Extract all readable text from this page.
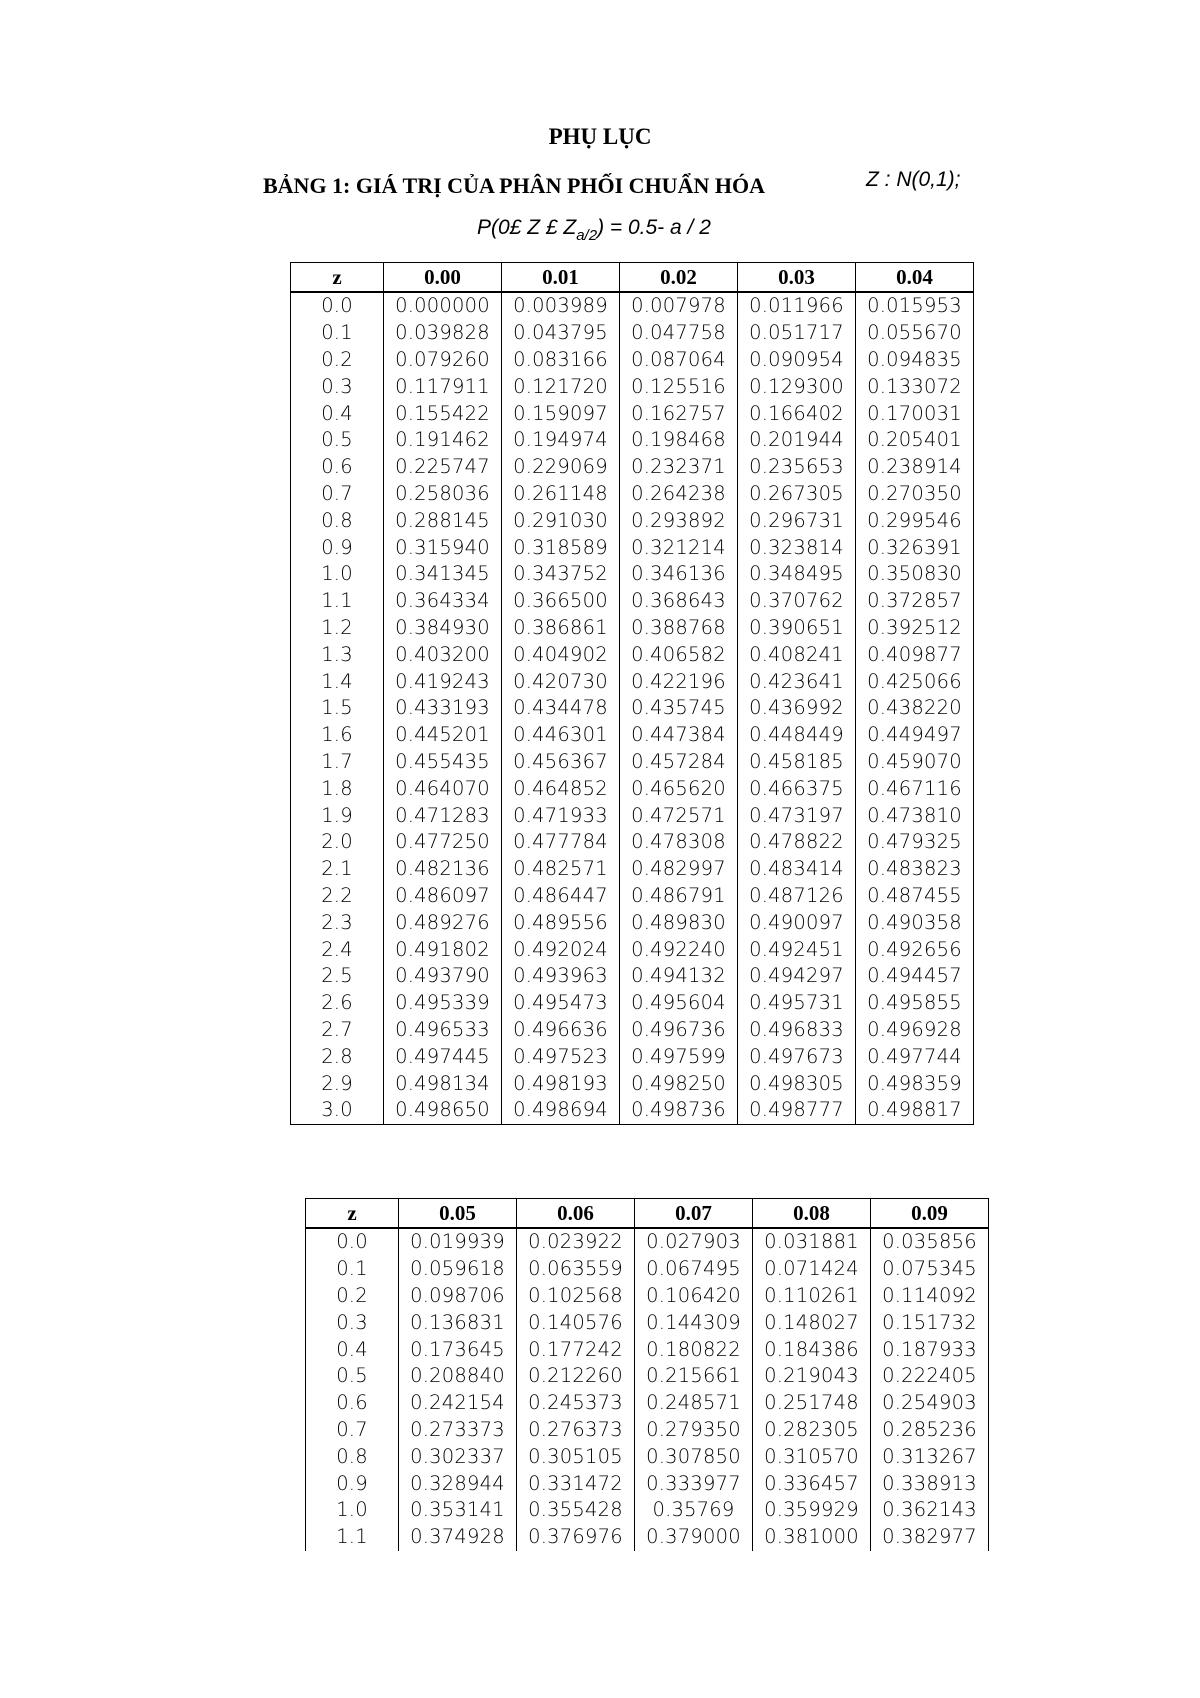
PHỤ LỤC
BẢNG 1: GIÁ TRỊ CỦA PHÂN PHỐI CHUẨN HÓA	Z : N(0,1);
P(0£ Z £ $Z_{a/2}) = 0.5-$ a / 2
z	0.00	0.01	0.02	0.03	0.04
0.0	0.000000	0.003989	0.007978	0.011966	0.015953
0.1	0.039828	0.043795	0.047758	0.051717	0.055670
0.2	0.079260	0.083166	0.087064	0.090954	0.094835
0.3	0.117911	0.121720	0.125516	0.129300	0.133072
0.4	0.155422	0.159097	0.162757	0.166402	0.170031
0.5	0.191462	0.194974	0.198468	0.201944	0.205401
0.6	0.225747	0.229069	0.232371	0.235653	0.238914
0.7	0.258036	0.261148	0.264238	0.267305	0.270350
0.8	0.288145	0.291030	0.293892	0.296731	0.299546
0.9	0.315940	0.318589	0.321214	0.323814	0.326391
1.0	0.341345	0.343752	0.346136	0.348495	0.350830
1.1	0.364334	0.366500	0.368643	0.370762	0.372857
1.2	0.384930	0.386861	0.388768	0.390651	0.392512
1.3	0.403200	0.404902	0.406582	0.408241	0.409877
1.4	0.419243	0.420730	0.422196	0.423641	0.425066
1.5	0.433193	0.434478	0.435745	0.436992	0.438220
1.6	0.445201	0.446301	0.447384	0.448449	0.449497
1.7	0.455435	0.456367	0.457284	0.458185	0.459070
1.8	0.464070	0.464852	0.465620	0.466375	0.467116
1.9	0.471283	0.471933	0.472571	0.473197	0.473810
2.0	0.477250	0.477784	0.478308	0.478822	0.479325
2.1	0.482136	0.482571	0.482997	0.483414	0.483823
2.2	0.486097	0.486447	0.486791	0.487126	0.487455
2.3	0.489276	0.489556	0.489830	0.490097	0.490358
2.4	0.491802	0.492024	0.492240	0.492451	0.492656
2.5	0.493790	0.493963	0.494132	0.494297	0.494457
2.6	0.495339	0.495473	0.495604	0.495731	0.495855
2.7	0.496533	0.496636	0.496736	0.496833	0.496928
2.8	0.497445	0.497523	0.497599	0.497673	0.497744
2.9	0.498134	0.498193	0.498250	0.498305	0.498359
3.0	0.498650	0.498694	0.498736	0.498777	0.498817
z	0.05	0.06	0.07	0.08	0.09
0.0	0.019939	0.023922	0.027903	0.031881	0.035856
0.1	0.059618	0.063559	0.067495	0.071424	0.075345
0.2	0.098706	0.102568	0.106420	0.110261	0.114092
0.3	0.136831	0.140576	0.144309	0.148027	0.151732
0.4	0.173645	0.177242	0.180822	0.184386	0.187933
0.5	0.208840	0.212260	0.215661	0.219043	0.222405
0.6	0.242154	0.245373	0.248571	0.251748	0.254903
0.7	0.273373	0.276373	0.279350	0.282305	0.285236
0.8	0.302337	0.305105	0.307850	0.310570	0.313267
0.9	0.328944	0.331472	0.333977	0.336457	0.338913
1.0	0.353141	0.355428	0.35769	0.359929	0.362143
1.1	0.374928	0.376976	0.379000	0.381000	0.382977
